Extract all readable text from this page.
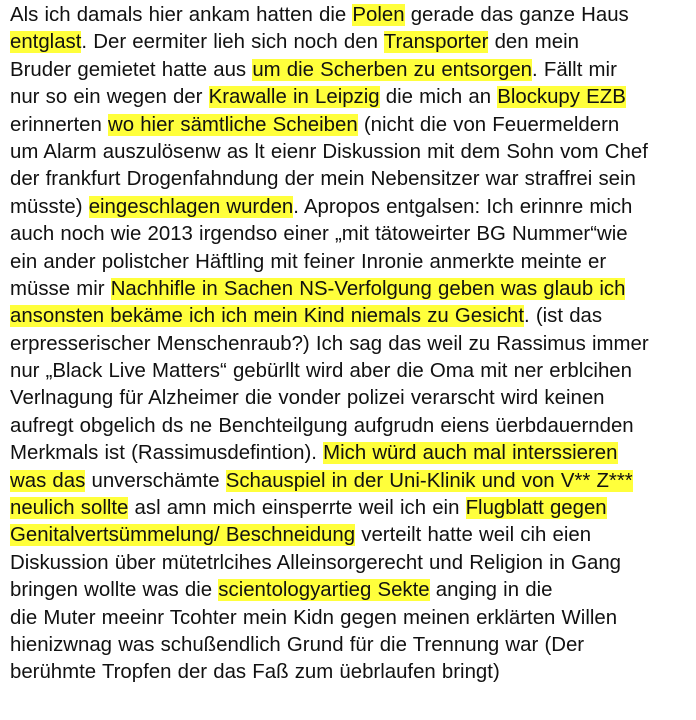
Als ich damals hier ankam hatten die Polen gerade das ganze Haus
entglast. Der eermiter lieh sich noch den Transporter den mein
Bruder gemietet hatte aus um die Scherben zu entsorgen. Fällt mir
nur so ein wegen der Krawalle in Leipzig die mich an Blockupy EZB
erinnerten wo hier sämtliche Scheiben (nicht die von Feuermeldern
um Alarm auszulösenw as lt eienr Diskussion mit dem Sohn vom Chef
der frankfurt Drogenfahndung der mein Nebensitzer war straffrei sein
müsste) eingeschlagen wurden. Apropos entgalsen: Ich erinnre mich
auch noch wie 2013 irgendso einer „mit tätoweirter BG Nummer“wie
ein ander polistcher Häftling mit feiner Inronie anmerkte meinte er
müsse mir Nachhifle in Sachen NS-Verfolgung geben was glaub ich
ansonsten bekäme ich ich mein Kind niemals zu Gesicht. (ist das
erpresserischer Menschenraub?) Ich sag das weil zu Rassimus immer
nur „Black Live Matters“ gebürllt wird aber die Oma mit ner erblcihen
Verlnagung für Alzheimer die vonder polizei verarscht wird keinen
aufregt obgelich ds ne Benchteilgung aufgrudn eiens üerbdauernden
Merkmals ist (Rassimusdefintion). Mich würd auch mal interssieren
was das unverschämte Schauspiel in der Uni-Klinik und von V** Z***
neulich sollte asl amn mich einsperrte weil ich ein Flugblatt gegen
Genitalvertsümmelung/ Beschneidung verteilt hatte weil cih eien
Diskussion über mütetrlcihes Alleinsorgerecht und Religion in Gang
bringen wollte was die scientologyartieg Sekte anging in die
die Muter meeinr Tcohter mein Kidn gegen meinen erklärten Willen
hienizwnag was schußendlich Grund für die Trennung war (Der
berühmte Tropfen der das Faß zum üebrlaufen bringt)
